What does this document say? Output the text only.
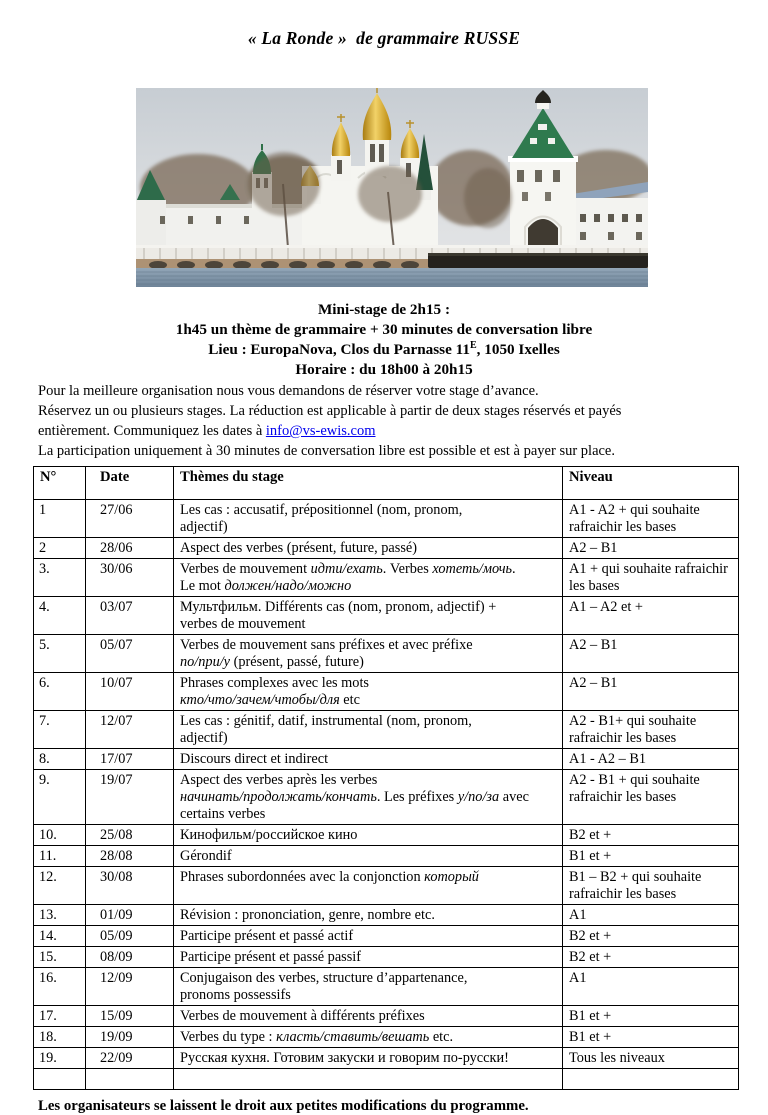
« La Ronde »  de grammaire RUSSE
Mini-stage de 2h15 :
1h45 un thème de grammaire + 30 minutes de conversation libre
Lieu : EuropaNova, Clos du Parnasse $11^E$, 1050 Ixelles
Horaire : du 18h00 à 20h15
Pour la meilleure organisation nous vous demandons de réserver votre stage d’avance.
Réservez un ou plusieurs stages. La réduction est applicable à partir de deux stages réservés et payés
entièrement. Communiquez les dates à info@vs-ewis.com
La participation uniquement à 30 minutes de conversation libre est possible et est à payer sur place.
N°	Date	Thèmes du stage	Niveau
1	27/06	Les cas : accusatif, prépositionnel (nom, pronom,
adjectif)	A1 - A2 + qui souhaite rafraichir les bases
2	28/06	Aspect des verbes (présent, future, passé)	A2 – B1
3.	30/06	Verbes de mouvement идти/ехать. Verbes хотеть/мочь.
Le mot должен/надо/можно	A1 + qui souhaite rafraichir les bases
4.	03/07	Мультфильм. Différents cas (nom, pronom, adjectif) +
verbes de mouvement	A1 – A2 et +
5.	05/07	Verbes de mouvement sans préfixes et avec préfixe
по/при/у (présent, passé, future)	A2 – B1
6.	10/07	Phrases complexes avec les mots
кто/что/зачем/чтобы/для etc	A2 – B1
7.	12/07	Les cas : génitif, datif, instrumental (nom, pronom,
adjectif)	A2 - B1+ qui souhaite rafraichir les bases
8.	17/07	Discours direct et indirect	A1 - A2 – B1
9.	19/07	Aspect des verbes après les verbes
начинать/продолжать/кончать. Les préfixes у/по/за avec certains verbes	A2 - B1 + qui souhaite rafraichir les bases
10.	25/08	Кинофильм/российское кино	B2 et +
11.	28/08	Gérondif	B1 et +
12.	30/08	Phrases subordonnées avec la conjonction который	B1 – B2 + qui souhaite rafraichir les bases
13.	01/09	Révision : prononciation, genre, nombre etc.	A1
14.	05/09	Participe présent et passé actif	B2 et +
15.	08/09	Participe présent et passé passif	B2 et +
16.	12/09	Conjugaison des verbes, structure d’appartenance,
pronoms possessifs	A1
17.	15/09	Verbes de mouvement à différents préfixes	B1 et +
18.	19/09	Verbes du type : класть/ставить/вешать etc.	B1 et +
19.	22/09	Русская кухня. Готовим закуски и говорим по-русски!	Tous les niveaux

Les organisateurs se laissent le droit aux petites modifications du programme.
